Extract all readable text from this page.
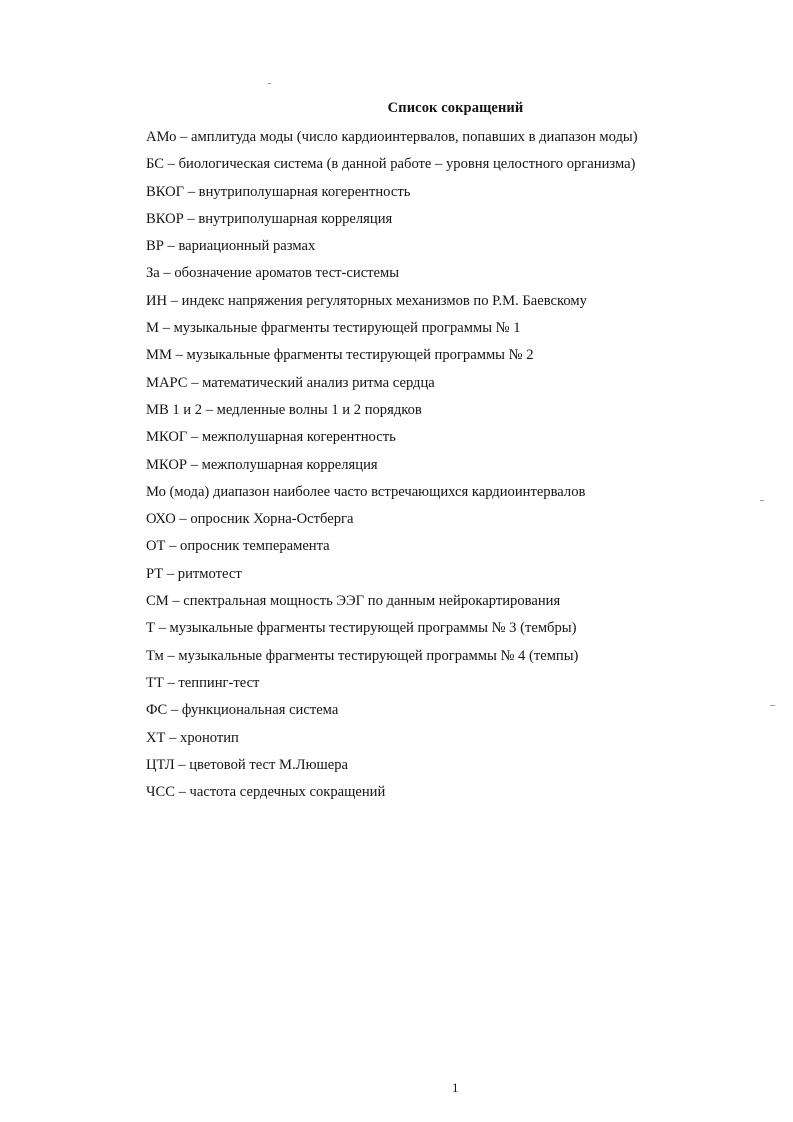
Список сокращений
АМо – амплитуда моды (число кардиоинтервалов, попавших в диапазон моды)
БС – биологическая система (в данной работе – уровня целостного организма)
ВКОГ – внутриполушарная когерентность
ВКОР – внутриполушарная корреляция
ВР – вариационный размах
За – обозначение ароматов тест-системы
ИН – индекс напряжения регуляторных механизмов по Р.М. Баевскому
М – музыкальные фрагменты тестирующей программы № 1
ММ – музыкальные фрагменты тестирующей программы № 2
МАРС – математический анализ ритма сердца
МВ 1 и 2 – медленные волны 1 и 2 порядков
МКОГ – межполушарная когерентность
МКОР – межполушарная корреляция
Мо (мода) диапазон наиболее часто встречающихся кардиоинтервалов
ОХО – опросник Хорна-Остберга
ОТ – опросник темперамента
РТ – ритмотест
СМ – спектральная мощность ЭЭГ по данным нейрокартирования
Т – музыкальные фрагменты тестирующей программы № 3 (тембры)
Тм – музыкальные фрагменты тестирующей программы № 4 (темпы)
ТТ – теппинг-тест
ФС – функциональная система
ХТ – хронотип
ЦТЛ – цветовой тест М.Люшера
ЧСС – частота сердечных сокращений
1
